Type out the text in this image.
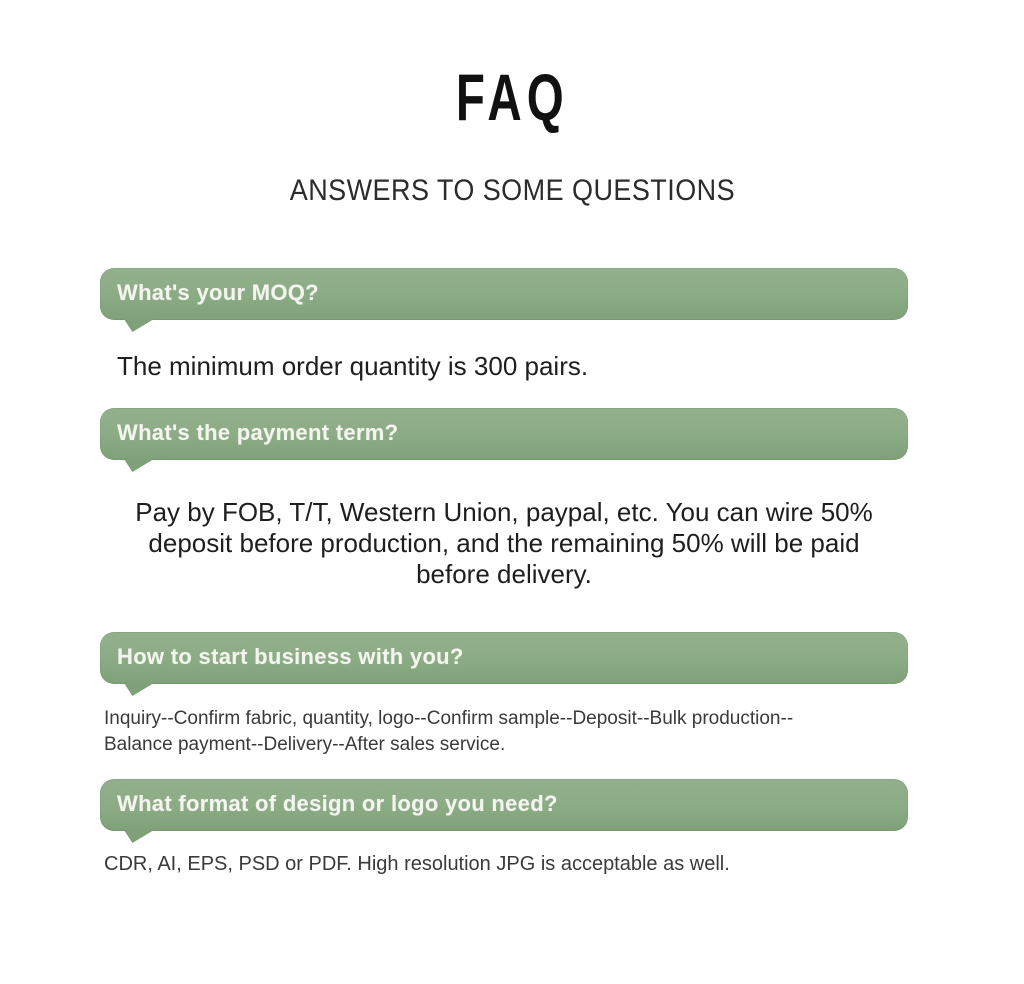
FAQ
ANSWERS TO SOME QUESTIONS
What's your MOQ?
The minimum order quantity is 300 pairs.
What's the payment term?
Pay by FOB, T/T, Western Union, paypal, etc. You can wire 50%
deposit before production, and the remaining 50% will be paid
before delivery.
How to start business with you?
Inquiry--Confirm fabric, quantity, logo--Confirm sample--Deposit--Bulk production--
Balance payment--Delivery--After sales service.
What format of design or logo you need?
CDR, AI, EPS, PSD or PDF. High resolution JPG is acceptable as well.
